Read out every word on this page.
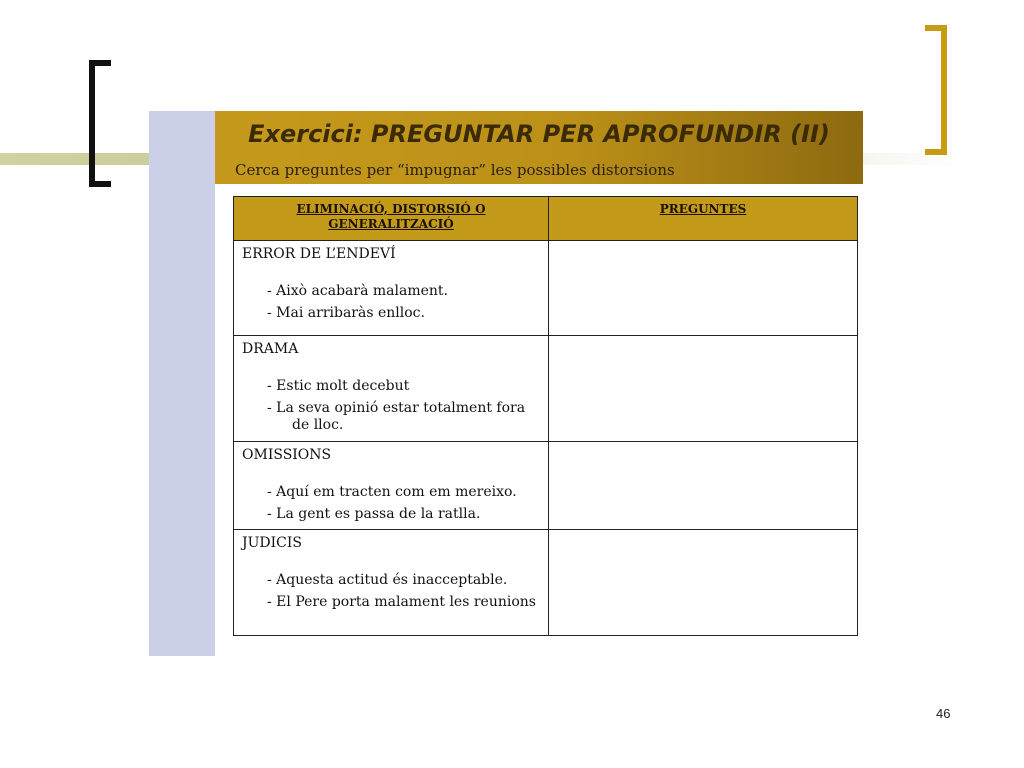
Exercici: PREGUNTAR PER APROFUNDIR (II)

Cerca preguntes per “impugnar” les possibles distorsions

ELIMINACIÓ, DISTORSIÓ O GENERALITZACIÓ	PREGUNTES

ERROR DE L’ENDEVÍ
- Això acabarà malament.
- Mai arribaràs enlloc.	

DRAMA
- Estic molt decebut
- La seva opinió estar totalment fora de lloc.	

OMISSIONS
- Aquí em tracten com em mereixo.
- La gent es passa de la ratlla.	

JUDICIS
- Aquesta actitud és inacceptable.
- El Pere porta malament les reunions	

46
